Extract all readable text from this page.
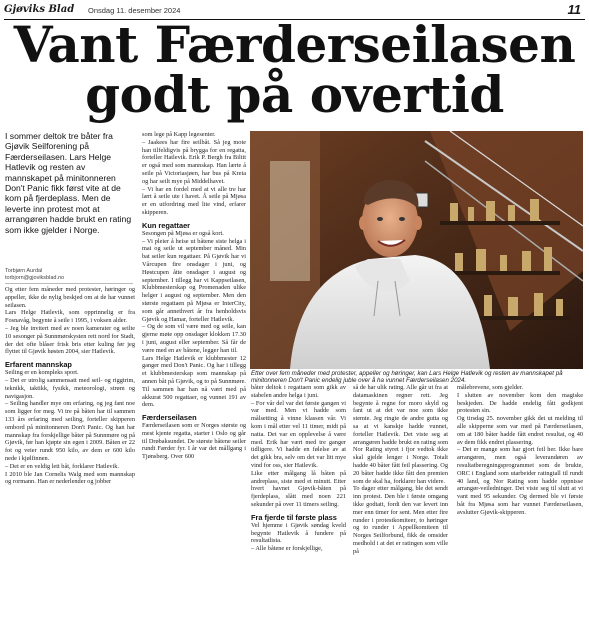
Gjøviks Blad Onsdag 11. desember 2024	11
Vant Færderseilasen
godt på overtid
I sommer deltok tre båter fra Gjøvik Seilforening på Færderseilasen. Lars Helge Hatlevik og resten av mannskapet på minitonneren Don't Panic fikk først vite at de kom på fjerdeplass. Men de leverte inn protest mot at arrangøren hadde brukt en rating som ikke gjelder i Norge.
Torbjørn Aurdal
torbjorn@gjoviksblad.no

Og etter fem måneder med protester, høringer og appeller, ikke de nylig beskjed om at de har vunnet seilasen.

Lars Helge Hatlevik, som opprinnelig er fra Fosnavåg, begynte å seile i 1995, i voksen alder.

– Jeg ble invitert med av noen kamerater og seilte 10 sesonger på Sunnmørskysten rett nord for Stadt, der det ofte blåser frisk bris etter kuling før jeg flyttet til Gjøvik høsten 2004, sier Hatlevik.

Erfarent mannskap

Seiling er en kompleks sport.

– Det er utrolig sammensatt med seil- og riggtrim, teknikk, taktikk, fysikk, meteorologi, strøm og navigasjon.

– Seiling handler mye om erfaring, og jeg fant noe som ligger for meg. Vi tre på båten har til sammen 133 års erfaring med seiling, forteller skipperen ombord på minitonneren Don't Panic. Og han har mannskap fra forskjellige båter på Sunnmøre og på Gjøvik, før han kjøpte sin egen i 2009. Båten er 22 fot og veier rundt 950 kilo, av dem er 600 kilo nede i kjølfinnen.

– Det er en veldig lett båt, forklarer Hatlevik.

I 2010 ble Jan Cornelis Walg med som mannskap og rormann. Han er nederlender og jobber

som lege på Kapp legesenter.

– Jaakees har fire seilbåt. Så jeg mote han tilfeldigvis på brygga for en regatta, forteller Hatlevik. Erik P. Bergh fra Biltit er også med som mannskap. Han lærte å seile på Victoriasjøen, har bus på Kreta og har seilt mye på Middelhavet.

– Vi har en fordel med at vi alle tre har lært å seile ute i havet. Å seile på Mjøsa er en utfordring med lite vind, erfarer skipperen.

Kun regattaer

Sesongen på Mjøsa er også kort.

– Vi pleier å heise ut båtene siste helga i mai og seile ut september måned. Min bat seiler kun regattaer. På Gjøvik har vi Vårcupen fire onsdager i juni, og Høstcupen åtte onsdager i august og september. I tillegg har vi Kappseilasen, Klubbmesterskap og Promenaden ulike helger i august og september. Men den største regattaen på Mjøsa er InterCity, som går annethvert år fra henholdsvis Gjøvik og Hamar, forteller Hatlevik.

– Og de som vil være med og seile, kan gjerne møte opp onsdager klokken 17.30 i juni, august eller september. Så får de være med en av båtene, legger han til.

Lars Helge Hatlevik er klubbmester 12 ganger med Don't Panic. Og har i tillegg et klubbmesterskap som mannskap på annen båt på Gjøvik, og to på Sunnmøre. Til sammen har han nå vært med på akkurat 500 regattaer, og vunnet 191 av dem.

Færderseilasen

Færderseilasen som er Norges største og mest kjente regatta, starter i Oslo og går til Drøbaksundet. De største båtene seiler rundt Færder fyr. I år var det mållgang i Tjønsberg. Over 600

Etter over fem måneder med protester, appeller og høringer, kan Lars Helge Hatlevik og resten av mannskapet på minitonneren Don't Panic endelig juble over å ha vunnet Færderseilasen 2024.

båter deltok i regattaen som gikk av stabelen andre helga i juni.

– For vår del var det første gangen vi var med. Men vi hadde som målsetting å vinne klassen vår. Vi kom i mål etter vel 11 timer, midt på natta. Det var en opplevelse å være med. Erik har vært med tre ganger tidligere. Vi hadde en følelse av at det gikk bra, selv om det var litt mye vind for oss, sier Hatlevik.

Like etter målgang lå båten på andreplass, siste med et minutt. Etter hvert havnet Gjøvik-båten på fjerdeplass, slått med noen 221 sekunder på over 11 timers seiling.

Fra fjerde til første plass

Vel hjemme i Gjøvik søndag kveld begynte Hatlevik å fundere på resultatlista.

– Alle båtene er forskjellige,

så de har ulik rating. Alle går ut fra at datamaskinen regner rett. Jeg begynte å regne for moro skyld og fant ut at det var noe som ikke stemte. Jeg ringte de andre gutta og sa at vi kanskje hadde vunnet, forteller Hatlevik. Det viste seg at arrangøren hadde brukt en rating som Nor Rating styret i fjor vedtok ikke skal gjelde lenger i Norge. Totalt hadde 40 båter fått feil plassering. Og 20 båter hadde ikke fått den premien som de skal ha, forklarer han videre.

To dager etter målgang, ble det sendt inn protest. Den ble i første omgang ikke godtatt, fordi den var levert inn mer enn timer for sent. Men etter fire runder i protestkomiteer, to høringer og to runder i Appellkomiteen til Norges Seilforbund, fikk de omsider medhold i at det er ratingen som ville på

målebrevene, som gjelder.

I slutten av november kom den magiske beskjeden. De hadde endelig fått godkjent protesten sin.

Og tirsdag 25. november gikk det ut melding til alle skipperne som var med på Færderseilasen, om at 180 båter hadde fått endret resultat, og 40 av dem fikk endret plassering.

– Det er mange som har gjort feil her. Ikke bare arrangøren, men også leverandøren av resultatberegningsprogrammet som de brukte, ORC i England som utarbeider ratingtall til rundt 40 land, og Nor Rating som hadde oppnisse arrangør-veiledninger. Det viste seg til slutt at vi vant med 95 sekunder. Og dermed ble vi første båt fra Mjøsa som har vunnet Færderseilasen, avslutter Gjøvik-skipperen.
